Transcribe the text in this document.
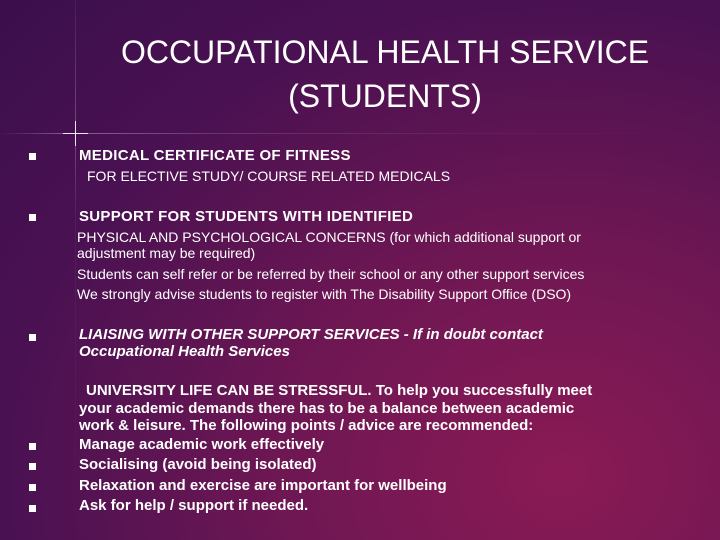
OCCUPATIONAL HEALTH SERVICE
(STUDENTS)
MEDICAL CERTIFICATE OF FITNESS
FOR ELECTIVE STUDY/ COURSE RELATED MEDICALS
SUPPORT FOR STUDENTS WITH IDENTIFIED
PHYSICAL AND PSYCHOLOGICAL CONCERNS (for which additional support or
adjustment may be required)
Students can self refer or be referred by their school or any other support services
We strongly advise students to register with The Disability Support Office (DSO)
LIAISING WITH OTHER SUPPORT SERVICES - If in doubt contact
Occupational Health Services
UNIVERSITY LIFE CAN BE STRESSFUL. To help you successfully meet
your academic demands there has to be a balance between academic
work & leisure. The following points / advice are recommended:
Manage academic work effectively
Socialising (avoid being isolated)
Relaxation and exercise are important for wellbeing
Ask for help / support if needed.
